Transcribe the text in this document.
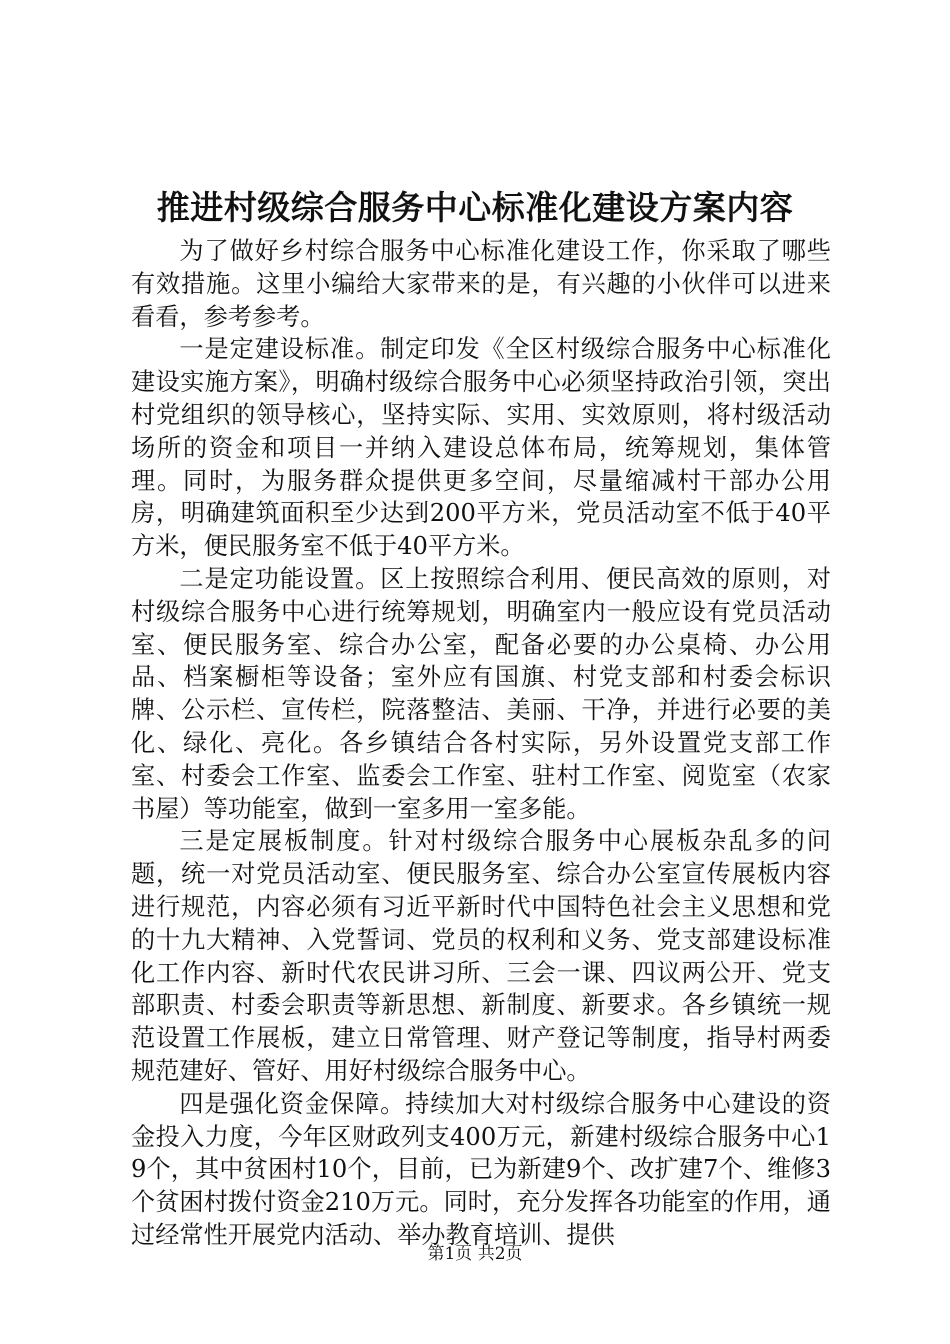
推进村级综合服务中心标准化建设方案内容

为了做好乡村综合服务中心标准化建设工作，你采取了哪些有效措施。这里小编给大家带来的是，有兴趣的小伙伴可以进来看看，参考参考。

一是定建设标准。制定印发《全区村级综合服务中心标准化建设实施方案》，明确村级综合服务中心必须坚持政治引领，突出村党组织的领导核心，坚持实际、实用、实效原则，将村级活动场所的资金和项目一并纳入建设总体布局，统筹规划，集体管理。同时，为服务群众提供更多空间，尽量缩减村干部办公用房，明确建筑面积至少达到200平方米，党员活动室不低于40平方米，便民服务室不低于40平方米。

二是定功能设置。区上按照综合利用、便民高效的原则，对村级综合服务中心进行统筹规划，明确室内一般应设有党员活动室、便民服务室、综合办公室，配备必要的办公桌椅、办公用品、档案橱柜等设备；室外应有国旗、村党支部和村委会标识牌、公示栏、宣传栏，院落整洁、美丽、干净，并进行必要的美化、绿化、亮化。各乡镇结合各村实际，另外设置党支部工作室、村委会工作室、监委会工作室、驻村工作室、阅览室（农家书屋）等功能室，做到一室多用一室多能。

三是定展板制度。针对村级综合服务中心展板杂乱多的问题，统一对党员活动室、便民服务室、综合办公室宣传展板内容进行规范，内容必须有习近平新时代中国特色社会主义思想和党的十九大精神、入党誓词、党员的权利和义务、党支部建设标准化工作内容、新时代农民讲习所、三会一课、四议两公开、党支部职责、村委会职责等新思想、新制度、新要求。各乡镇统一规范设置工作展板，建立日常管理、财产登记等制度，指导村两委规范建好、管好、用好村级综合服务中心。

四是强化资金保障。持续加大对村级综合服务中心建设的资金投入力度，今年区财政列支400万元，新建村级综合服务中心19个，其中贫困村10个，目前，已为新建9个、改扩建7个、维修3个贫困村拨付资金210万元。同时，充分发挥各功能室的作用，通过经常性开展党内活动、举办教育培训、提供

第1页 共2页
